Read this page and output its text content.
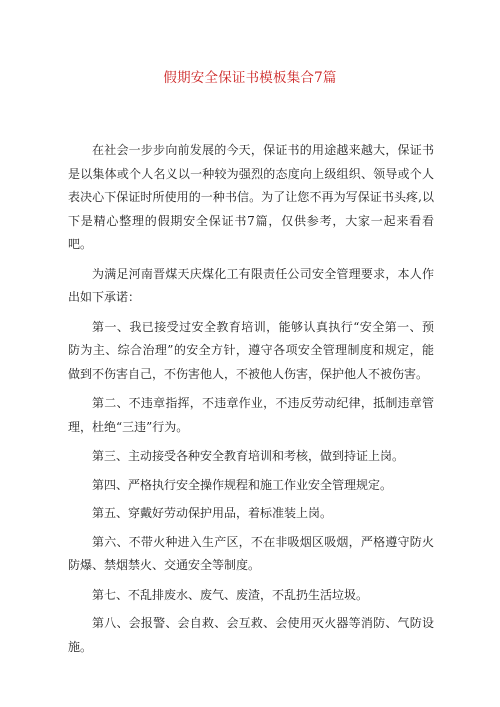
假期安全保证书模板集合7篇

在社会一步步向前发展的今天，保证书的用途越来越大，保证书是以集体或个人名义以一种较为强烈的态度向上级组织、领导或个人表决心下保证时所使用的一种书信。为了让您不再为写保证书头疼,以下是精心整理的假期安全保证书7篇，仅供参考，大家一起来看看吧。

为满足河南晋煤天庆煤化工有限责任公司安全管理要求，本人作出如下承诺：

第一、我已接受过安全教育培训，能够认真执行“安全第一、预防为主、综合治理”的安全方针，遵守各项安全管理制度和规定，能做到不伤害自己，不伤害他人，不被他人伤害，保护他人不被伤害。

第二、不违章指挥，不违章作业，不违反劳动纪律，抵制违章管理，杜绝“三违”行为。

第三、主动接受各种安全教育培训和考核，做到持证上岗。

第四、严格执行安全操作规程和施工作业安全管理规定。

第五、穿戴好劳动保护用品，着标准装上岗。

第六、不带火种进入生产区，不在非吸烟区吸烟，严格遵守防火防爆、禁烟禁火、交通安全等制度。

第七、不乱排废水、废气、废渣，不乱扔生活垃圾。

第八、会报警、会自救、会互救、会使用灭火器等消防、气防设施。
